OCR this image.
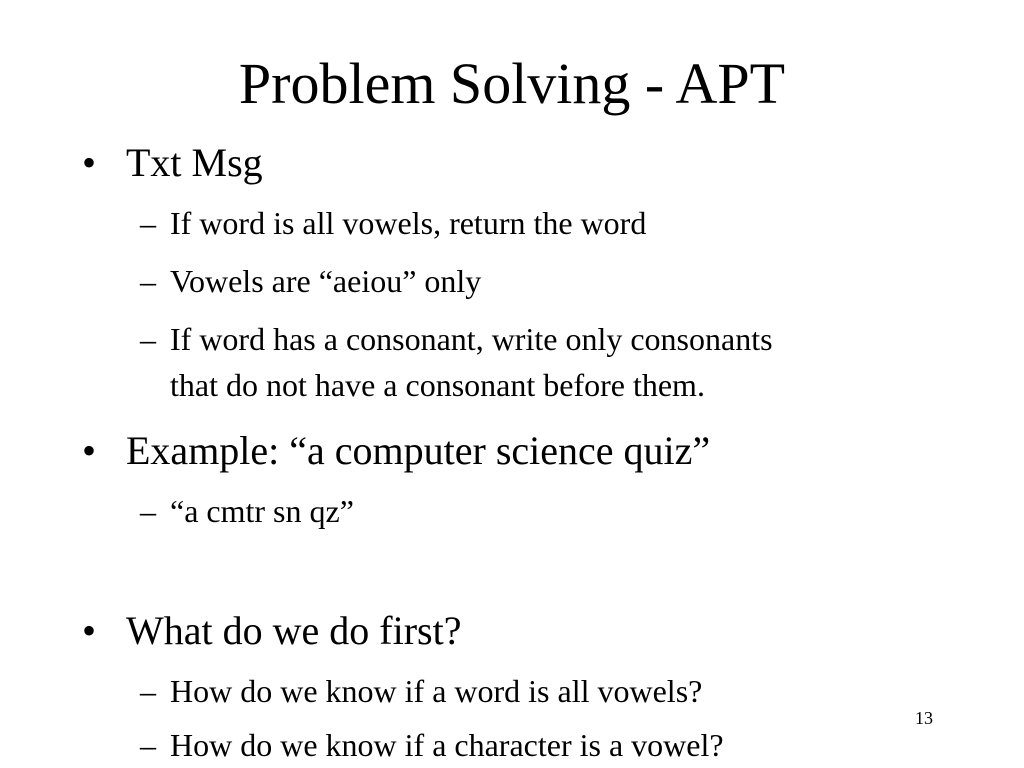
Problem Solving - APT
• Txt Msg
– If word is all vowels, return the word
– Vowels are “aeiou” only
– If word has a consonant, write only consonants
that do not have a consonant before them.
• Example: “a computer science quiz”
– “a cmtr sn qz”
• What do we do first?
– How do we know if a word is all vowels?
– How do we know if a character is a vowel?
13
